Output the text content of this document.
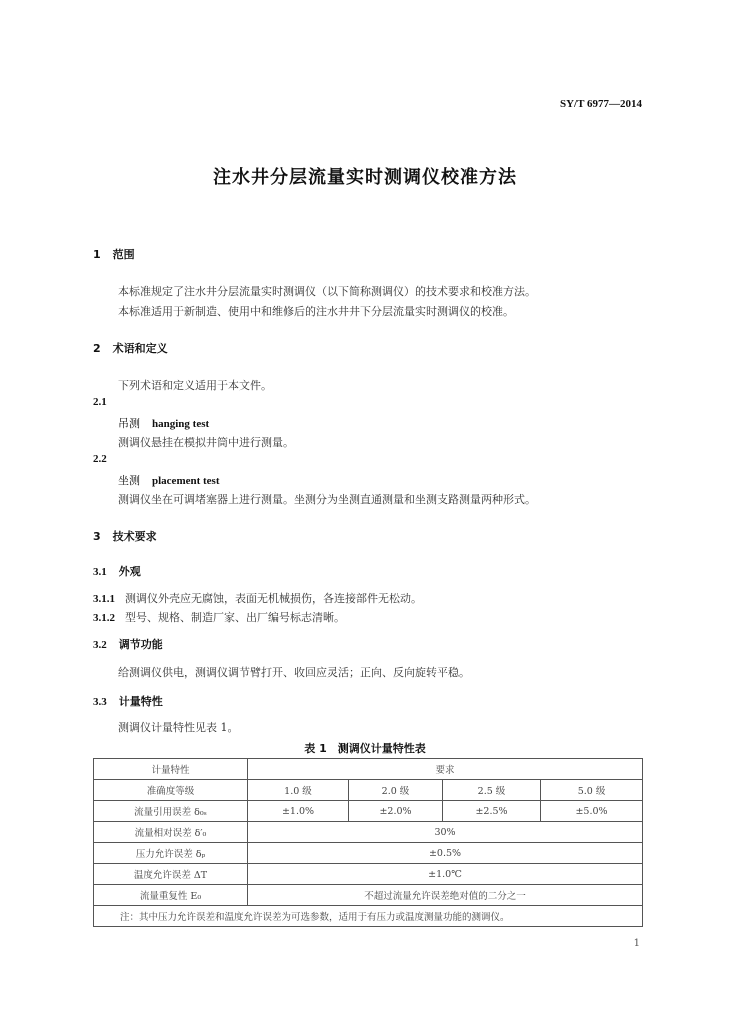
SY/T 6977—2014
注水井分层流量实时测调仪校准方法
1 范围
本标准规定了注水井分层流量实时测调仪（以下简称测调仪）的技术要求和校准方法。
本标准适用于新制造、使用中和维修后的注水井井下分层流量实时测调仪的校准。
2 术语和定义
下列术语和定义适用于本文件。
2.1
吊测 hanging test
测调仪悬挂在模拟井筒中进行测量。
2.2
坐测 placement test
测调仪坐在可调堵塞器上进行测量。坐测分为坐测直通测量和坐测支路测量两种形式。
3 技术要求
3.1 外观
3.1.1 测调仪外壳应无腐蚀，表面无机械损伤，各连接部件无松动。
3.1.2 型号、规格、制造厂家、出厂编号标志清晰。
3.2 调节功能
给测调仪供电，测调仪调节臂打开、收回应灵活；正向、反向旋转平稳。
3.3 计量特性
测调仪计量特性见表 1。
表 1　测调仪计量特性表
计量特性	要求			
准确度等级	1.0 级	2.0 级	2.5 级	5.0 级
流量引用误差 δ₀ₛ	±1.0%	±2.0%	±2.5%	±5.0%
流量相对误差 δ′₀	30%			
压力允许误差 δₚ	±0.5%			
温度允许误差 ΔT	±1.0℃			
流量重复性 E₀	不超过流量允许误差绝对值的二分之一			
注：其中压力允许误差和温度允许误差为可选参数，适用于有压力或温度测量功能的测调仪。				
1
